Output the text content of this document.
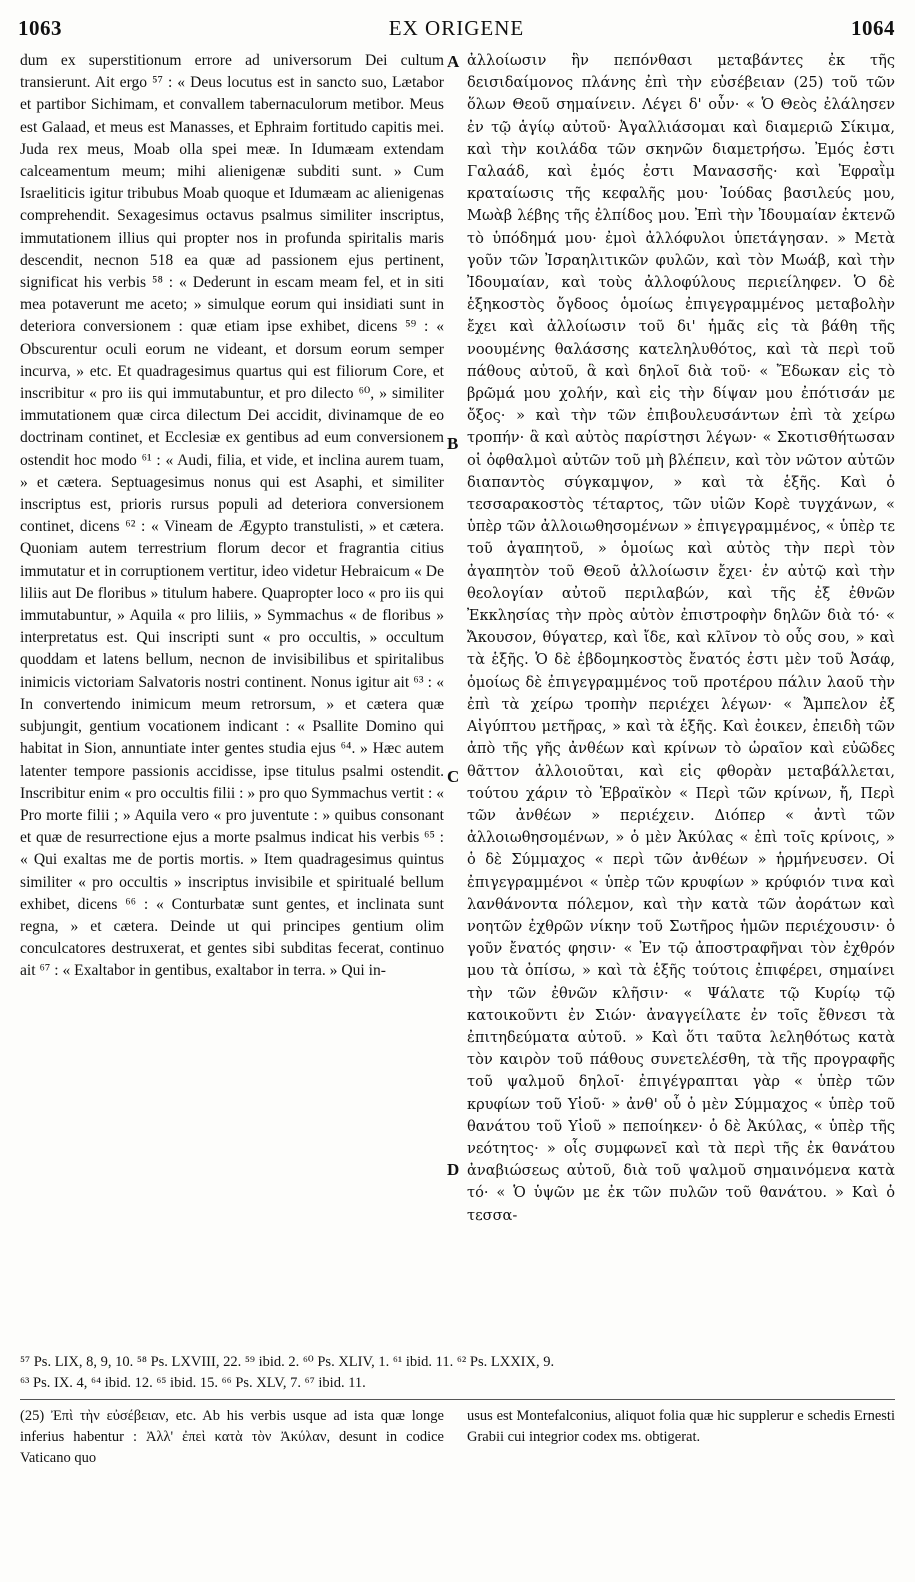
1063	EX ORIGENE	1064
A
B
C
D

dum ex superstitionum errore ad universorum Dei cultum transierunt. Ait ergo ⁵⁷ : « Deus locutus est in sancto suo, Lætabor et partibor Sichimam, et convallem tabernaculorum metibor. Meus est Galaad, et meus est Manasses, et Ephraim fortitudo capitis mei. Juda rex meus, Moab olla spei meæ. In Idumæam extendam calceamentum meum; mihi alienigenæ subditi sunt. » Cum Israeliticis igitur tribubus Moab quoque et Idumæam ac alienigenas comprehendit. Sexagesimus octavus psalmus similiter inscriptus, immutationem illius qui propter nos in profunda spiritalis maris descendit, necnon 518 ea quæ ad passionem ejus pertinent, significat his verbis ⁵⁸ : « Dederunt in escam meam fel, et in siti mea potaverunt me aceto; » simulque eorum qui insidiati sunt in deteriora conversionem : quæ etiam ipse exhibet, dicens ⁵⁹ : « Obscurentur oculi eorum ne videant, et dorsum eorum semper incurva, » etc. Et quadragesimus quartus qui est filiorum Core, et inscribitur « pro iis qui immutabuntur, et pro dilecto ⁶⁰, » similiter immutationem quæ circa dilectum Dei accidit, divinamque de eo doctrinam continet, et Ecclesiæ ex gentibus ad eum conversionem ostendit hoc modo ⁶¹ : « Audi, filia, et vide, et inclina aurem tuam, » et cætera. Septuagesimus nonus qui est Asaphi, et similiter inscriptus est, prioris rursus populi ad deteriora conversionem continet, dicens ⁶² : « Vineam de Ægypto transtulisti, » et cætera. Quoniam autem terrestrium florum decor et fragrantia citius immutatur et in corruptionem vertitur, ideo videtur Hebraicum « De liliis aut De floribus » titulum habere. Quapropter loco « pro iis qui immutabuntur, » Aquila « pro liliis, » Symmachus « de floribus » interpretatus est. Qui inscripti sunt « pro occultis, » occultum quoddam et latens bellum, necnon de invisibilibus et spiritalibus inimicis victoriam Salvatoris nostri continent. Nonus igitur ait ⁶³ : « In convertendo inimicum meum retrorsum, » et cætera quæ subjungit, gentium vocationem indicant : « Psallite Domino qui habitat in Sion, annuntiate inter gentes studia ejus ⁶⁴. » Hæc autem latenter tempore passionis accidisse, ipse titulus psalmi ostendit. Inscribitur enim « pro occultis filii : » pro quo Symmachus vertit : « Pro morte filii ; » Aquila vero « pro juventute : » quibus consonant et quæ de resurrectione ejus a morte psalmus indicat his verbis ⁶⁵ : « Qui exaltas me de portis mortis. » Item quadragesimus quintus similiter « pro occultis » inscriptus invisibile et spiritualé bellum exhibet, dicens ⁶⁶ : « Conturbatæ sunt gentes, et inclinata sunt regna, » et cætera. Deinde ut qui principes gentium olim conculcatores destruxerat, et gentes sibi subditas fecerat, continuo ait ⁶⁷ : « Exaltabor in gentibus, exaltabor in terra. » Qui in-

ἀλλοίωσιν ἣν πεπόνθασι μεταβάντες ἐκ τῆς δεισιδαίμονος πλάνης ἐπὶ τὴν εὐσέβειαν (25) τοῦ τῶν ὅλων Θεοῦ σημαίνειν. Λέγει δ' οὖν· « Ὁ Θεὸς ἐλάλησεν ἐν τῷ ἁγίῳ αὐτοῦ· Ἀγαλλιάσομαι καὶ διαμεριῶ Σίκιμα, καὶ τὴν κοιλάδα τῶν σκηνῶν διαμετρήσω. Ἐμός ἐστι Γαλαάδ, καὶ ἐμός ἐστι Μανασσῆς· καὶ Ἐφραῒμ κραταίωσις τῆς κεφαλῆς μου· Ἰούδας βασιλεύς μου, Μωὰβ λέβης τῆς ἐλπίδος μου. Ἐπὶ τὴν Ἰδουμαίαν ἐκτενῶ τὸ ὑπόδημά μου· ἐμοὶ ἀλλόφυλοι ὑπετάγησαν. » Μετὰ γοῦν τῶν Ἰσραηλιτικῶν φυλῶν, καὶ τὸν Μωάβ, καὶ τὴν Ἰδουμαίαν, καὶ τοὺς ἀλλοφύλους περιείληφεν. Ὁ δὲ ἑξηκοστὸς ὄγδοος ὁμοίως ἐπιγεγραμμένος μεταβολὴν ἔχει καὶ ἀλλοίωσιν τοῦ δι' ἡμᾶς εἰς τὰ βάθη τῆς νοουμένης θαλάσσης κατεληλυθότος, καὶ τὰ περὶ τοῦ πάθους αὐτοῦ, ἃ καὶ δηλοῖ διὰ τοῦ· « Ἔδωκαν εἰς τὸ βρῶμά μου χολήν, καὶ εἰς τὴν δίψαν μου ἐπότισάν με ὄξος· » καὶ τὴν τῶν ἐπιβουλευσάντων ἐπὶ τὰ χείρω τροπήν· ἃ καὶ αὐτὸς παρίστησι λέγων· « Σκοτισθήτωσαν οἱ ὀφθαλμοὶ αὐτῶν τοῦ μὴ βλέπειν, καὶ τὸν νῶτον αὐτῶν διαπαντὸς σύγκαμψον, » καὶ τὰ ἑξῆς. Καὶ ὁ τεσσαρακοστὸς τέταρτος, τῶν υἱῶν Κορὲ τυγχάνων, « ὑπὲρ τῶν ἀλλοιωθησομένων » ἐπιγεγραμμένος, « ὑπὲρ τε τοῦ ἀγαπητοῦ, » ὁμοίως καὶ αὐτὸς τὴν περὶ τὸν ἀγαπητὸν τοῦ Θεοῦ ἀλλοίωσιν ἔχει· ἐν αὐτῷ καὶ τὴν θεολογίαν αὐτοῦ περιλαβών, καὶ τῆς ἐξ ἐθνῶν Ἐκκλησίας τὴν πρὸς αὐτὸν ἐπιστροφὴν δηλῶν διὰ τό· « Ἄκουσον, θύγατερ, καὶ ἴδε, καὶ κλῖνον τὸ οὖς σου, » καὶ τὰ ἑξῆς. Ὁ δὲ ἑβδομηκοστὸς ἔνατός ἐστι μὲν τοῦ Ἀσάφ, ὁμοίως δὲ ἐπιγεγραμμένος τοῦ προτέρου πάλιν λαοῦ τὴν ἐπὶ τὰ χείρω τροπὴν περιέχει λέγων· « Ἄμπελον ἐξ Αἰγύπτου μετῆρας, » καὶ τὰ ἑξῆς. Καὶ ἐοικεν, ἐπειδὴ τῶν ἀπὸ τῆς γῆς ἀνθέων καὶ κρίνων τὸ ὡραῖον καὶ εὐῶδες θᾶττον ἀλλοιοῦται, καὶ εἰς φθορὰν μεταβάλλεται, τούτου χάριν τὸ Ἑβραϊκὸν « Περὶ τῶν κρίνων, ἤ, Περὶ τῶν ἀνθέων » περιέχειν. Διόπερ « ἀντὶ τῶν ἀλλοιωθησομένων, » ὁ μὲν Ἀκύλας « ἐπὶ τοῖς κρίνοις, » ὁ δὲ Σύμμαχος « περὶ τῶν ἀνθέων » ἡρμήνευσεν. Οἱ ἐπιγεγραμμένοι « ὑπὲρ τῶν κρυφίων » κρύφιόν τινα καὶ λανθάνοντα πόλεμον, καὶ τὴν κατὰ τῶν ἀοράτων καὶ νοητῶν ἐχθρῶν νίκην τοῦ Σωτῆρος ἡμῶν περιέχουσιν· ὁ γοῦν ἔνατός φησιν· « Ἐν τῷ ἀποστραφῆναι τὸν ἐχθρόν μου τὰ ὀπίσω, » καὶ τὰ ἑξῆς τούτοις ἐπιφέρει, σημαίνει τὴν τῶν ἐθνῶν κλῆσιν· « Ψάλατε τῷ Κυρίῳ τῷ κατοικοῦντι ἐν Σιών· ἀναγγείλατε ἐν τοῖς ἔθνεσι τὰ ἐπιτηδεύματα αὐτοῦ. » Καὶ ὅτι ταῦτα λεληθότως κατὰ τὸν καιρὸν τοῦ πάθους συνετελέσθη, τὰ τῆς προγραφῆς τοῦ ψαλμοῦ δηλοῖ· ἐπιγέγραπται γὰρ « ὑπὲρ τῶν κρυφίων τοῦ Υἱοῦ· » ἀνθ' οὗ ὁ μὲν Σύμμαχος « ὑπὲρ τοῦ θανάτου τοῦ Υἱοῦ » πεποίηκεν· ὁ δὲ Ἀκύλας, « ὑπὲρ τῆς νεότητος· » οἷς συμφωνεῖ καὶ τὰ περὶ τῆς ἐκ θανάτου ἀναβιώσεως αὐτοῦ, διὰ τοῦ ψαλμοῦ σημαινόμενα κατὰ τό· « Ὁ ὑψῶν με ἐκ τῶν πυλῶν τοῦ θανάτου. » Καὶ ὁ τεσσα-

⁵⁷ Ps. LIX, 8, 9, 10. ⁵⁸ Ps. LXVIII, 22. ⁵⁹ ibid. 2. ⁶⁰ Ps. XLIV, 1. ⁶¹ ibid. 11. ⁶² Ps. LXXIX, 9.
⁶³ Ps. IX. 4, ⁶⁴ ibid. 12. ⁶⁵ ibid. 15. ⁶⁶ Ps. XLV, 7. ⁶⁷ ibid. 11.

(25) Ἐπὶ τὴν εὐσέβειαν, etc. Ab his verbis usque ad ista quæ longe inferius habentur : Ἀλλ' ἐπεὶ κατὰ τὸν Ἀκύλαν, desunt in codice Vaticano quo

usus est Montefalconius, aliquot folia quæ hic supplerur e schedis Ernesti Grabii cui integrior codex ms. obtigerat.
